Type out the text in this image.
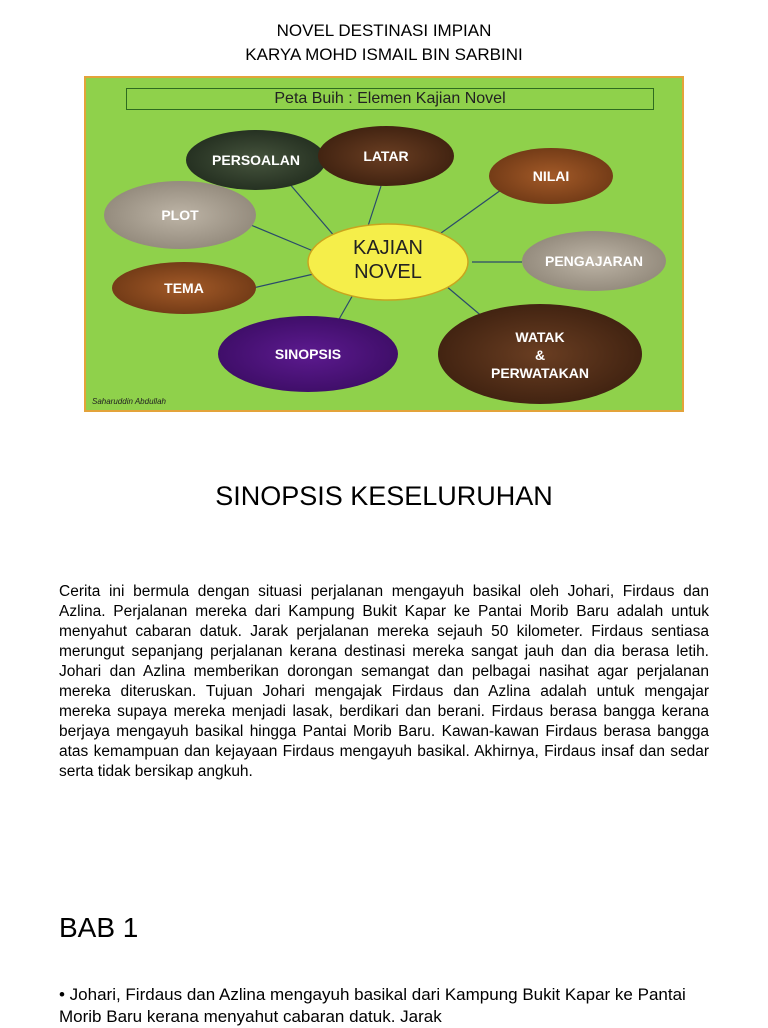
NOVEL DESTINASI IMPIAN
KARYA MOHD ISMAIL BIN SARBINI
PERSOALAN	LATAR
NILAI
PLOT
KAJIAN
NOVEL	PENGAJARAN
TEMA
SINOPSIS
WATAK
&
PERWATAKAN
Peta Buih : Elemen Kajian Novel
Saharuddin Abdullah
SINOPSIS KESELURUHAN

Cerita ini bermula dengan situasi perjalanan mengayuh basikal oleh Johari, Firdaus dan Azlina. Perjalanan mereka dari Kampung Bukit Kapar ke Pantai Morib Baru adalah untuk menyahut cabaran datuk. Jarak perjalanan mereka sejauh 50 kilometer. Firdaus sentiasa merungut sepanjang perjalanan kerana destinasi mereka sangat jauh dan dia berasa letih. Johari dan Azlina memberikan dorongan semangat dan pelbagai nasihat agar perjalanan mereka diteruskan. Tujuan Johari mengajak Firdaus dan Azlina adalah untuk mengajar mereka supaya mereka menjadi lasak, berdikari dan berani. Firdaus berasa bangga kerana berjaya mengayuh basikal hingga Pantai Morib Baru. Kawan-kawan Firdaus berasa bangga atas kemampuan dan kejayaan Firdaus mengayuh basikal. Akhirnya, Firdaus insaf dan sedar serta tidak bersikap angkuh.

BAB 1

• Johari, Firdaus dan Azlina mengayuh basikal dari Kampung Bukit Kapar ke Pantai Morib Baru kerana menyahut cabaran datuk. Jarak
